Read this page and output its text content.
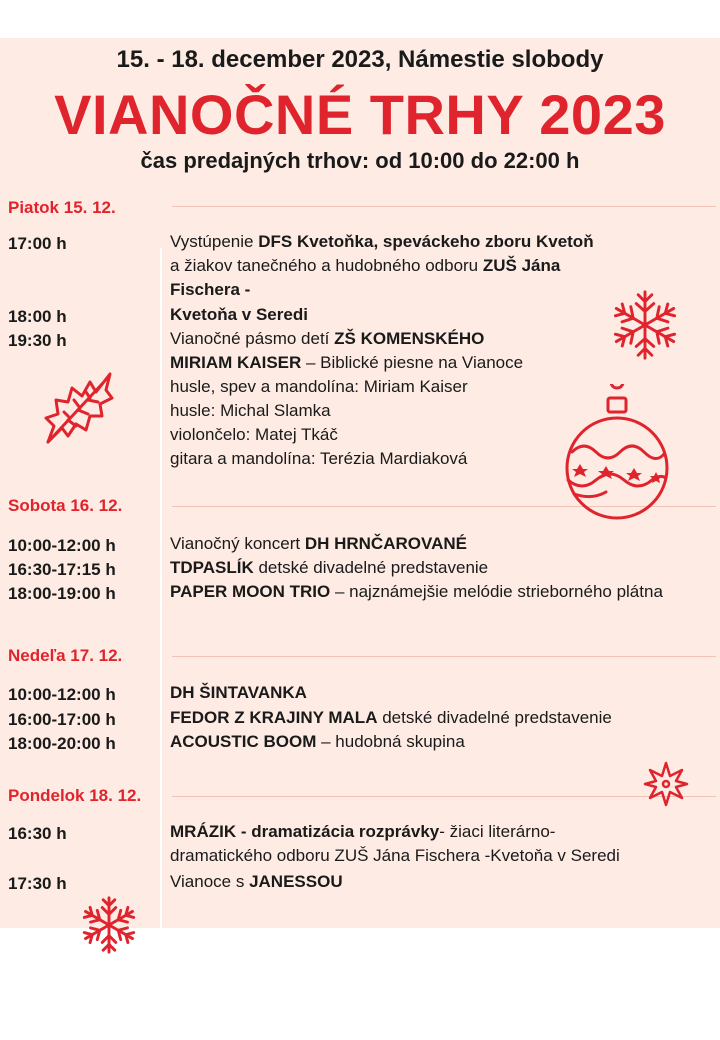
15. - 18. december 2023, Námestie slobody
VIANOČNÉ TRHY 2023
čas predajných trhov: od 10:00 do 22:00 h
Piatok 15. 12.
17:00 h	Vystúpenie DFS Kvetoňka, speváckeho zboru Kvetoň
a žiakov tanečného a hudobného odboru ZUŠ Jána
Fischera -
18:00 h	Kvetoňa v Seredi
19:30 h	Vianočné pásmo detí ZŠ KOMENSKÉHO
MIRIAM KAISER – Biblické piesne na Vianoce
husle, spev a mandolína: Miriam Kaiser
husle: Michal Slamka
violončelo: Matej Tkáč
gitara a mandolína: Terézia Mardiaková
Sobota 16. 12.
10:00-12:00 h	Vianočný koncert DH HRNČAROVANÉ
16:30-17:15 h	TDPASLÍK detské divadelné predstavenie
18:00-19:00 h	PAPER MOON TRIO – najznámejšie melódie strieborného plátna
Nedeľa 17. 12.
10:00-12:00 h	DH ŠINTAVANKA
16:00-17:00 h	FEDOR Z KRAJINY MALA detské divadelné predstavenie
18:00-20:00 h	ACOUSTIC BOOM – hudobná skupina
Pondelok 18. 12.
16:30 h	MRÁZIK - dramatizácia rozprávky- žiaci literárno-
dramatického odboru ZUŠ Jána Fischera -Kvetoňa v Seredi
17:30 h	Vianoce s JANESSOU
